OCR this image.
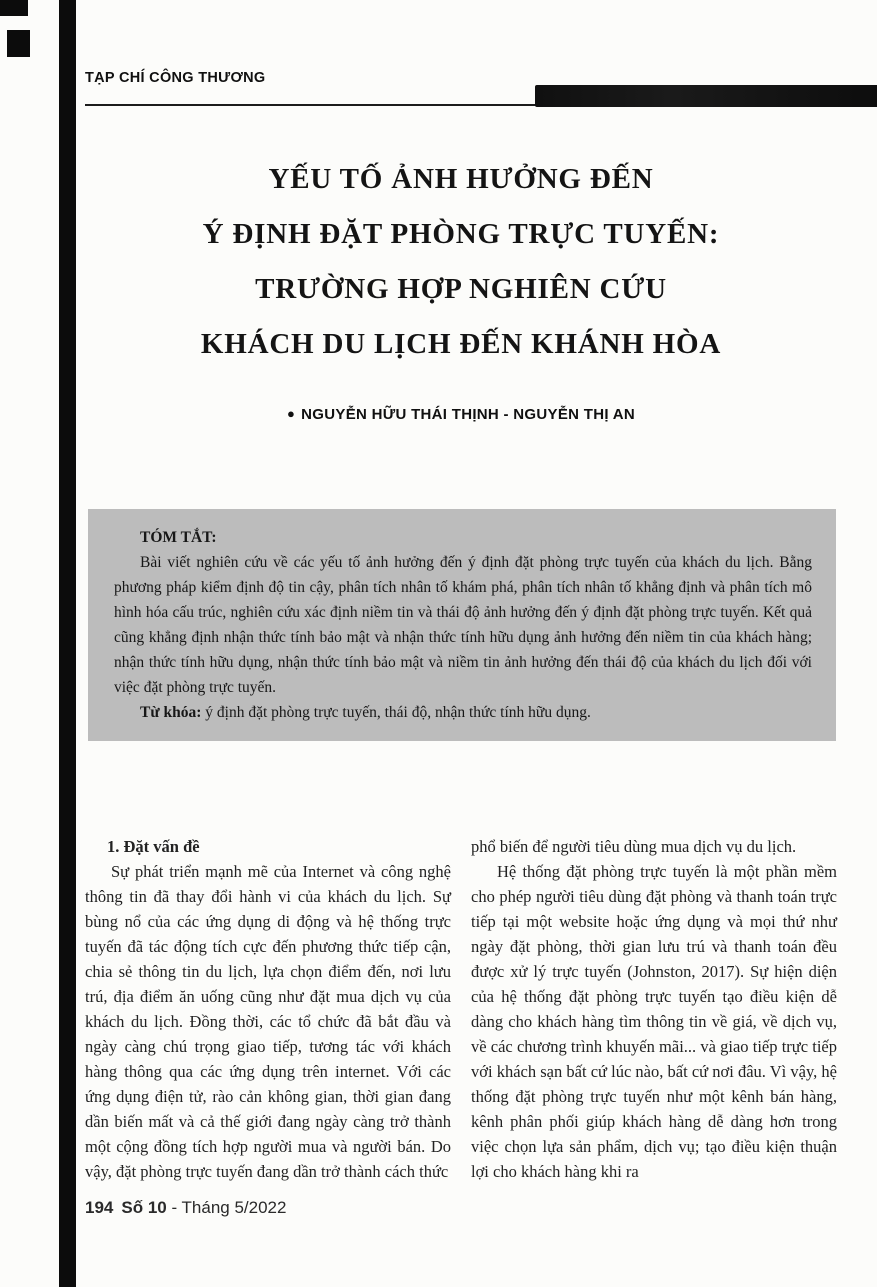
TẠP CHÍ CÔNG THƯƠNG
YẾU TỐ ẢNH HƯỞNG ĐẾN
Ý ĐỊNH ĐẶT PHÒNG TRỰC TUYẾN:
TRƯỜNG HỢP NGHIÊN CỨU
KHÁCH DU LỊCH ĐẾN KHÁNH HÒA
● NGUYỄN HỮU THÁI THỊNH - NGUYỄN THỊ AN
TÓM TẮT:
Bài viết nghiên cứu về các yếu tố ảnh hưởng đến ý định đặt phòng trực tuyến của khách du lịch. Bằng phương pháp kiểm định độ tin cậy, phân tích nhân tố khám phá, phân tích nhân tố khẳng định và phân tích mô hình hóa cấu trúc, nghiên cứu xác định niềm tin và thái độ ảnh hưởng đến ý định đặt phòng trực tuyến. Kết quả cũng khẳng định nhận thức tính bảo mật và nhận thức tính hữu dụng ảnh hưởng đến niềm tin của khách hàng; nhận thức tính hữu dụng, nhận thức tính bảo mật và niềm tin ảnh hưởng đến thái độ của khách du lịch đối với việc đặt phòng trực tuyến.
Từ khóa: ý định đặt phòng trực tuyến, thái độ, nhận thức tính hữu dụng.
1. Đặt vấn đề
Sự phát triển mạnh mẽ của Internet và công nghệ thông tin đã thay đổi hành vi của khách du lịch. Sự bùng nổ của các ứng dụng di động và hệ thống trực tuyến đã tác động tích cực đến phương thức tiếp cận, chia sẻ thông tin du lịch, lựa chọn điểm đến, nơi lưu trú, địa điểm ăn uống cũng như đặt mua dịch vụ của khách du lịch. Đồng thời, các tổ chức đã bắt đầu và ngày càng chú trọng giao tiếp, tương tác với khách hàng thông qua các ứng dụng trên internet. Với các ứng dụng điện tử, rào cản không gian, thời gian đang dần biến mất và cả thế giới đang ngày càng trở thành một cộng đồng tích hợp người mua và người bán. Do vậy, đặt phòng trực tuyến đang dần trở thành cách thức
phổ biến để người tiêu dùng mua dịch vụ du lịch.
Hệ thống đặt phòng trực tuyến là một phần mềm cho phép người tiêu dùng đặt phòng và thanh toán trực tiếp tại một website hoặc ứng dụng và mọi thứ như ngày đặt phòng, thời gian lưu trú và thanh toán đều được xử lý trực tuyến (Johnston, 2017). Sự hiện diện của hệ thống đặt phòng trực tuyến tạo điều kiện dễ dàng cho khách hàng tìm thông tin về giá, về dịch vụ, về các chương trình khuyến mãi... và giao tiếp trực tiếp với khách sạn bất cứ lúc nào, bất cứ nơi đâu. Vì vậy, hệ thống đặt phòng trực tuyến như một kênh bán hàng, kênh phân phối giúp khách hàng dễ dàng hơn trong việc chọn lựa sản phẩm, dịch vụ; tạo điều kiện thuận lợi cho khách hàng khi ra
194 Số 10 - Tháng 5/2022
